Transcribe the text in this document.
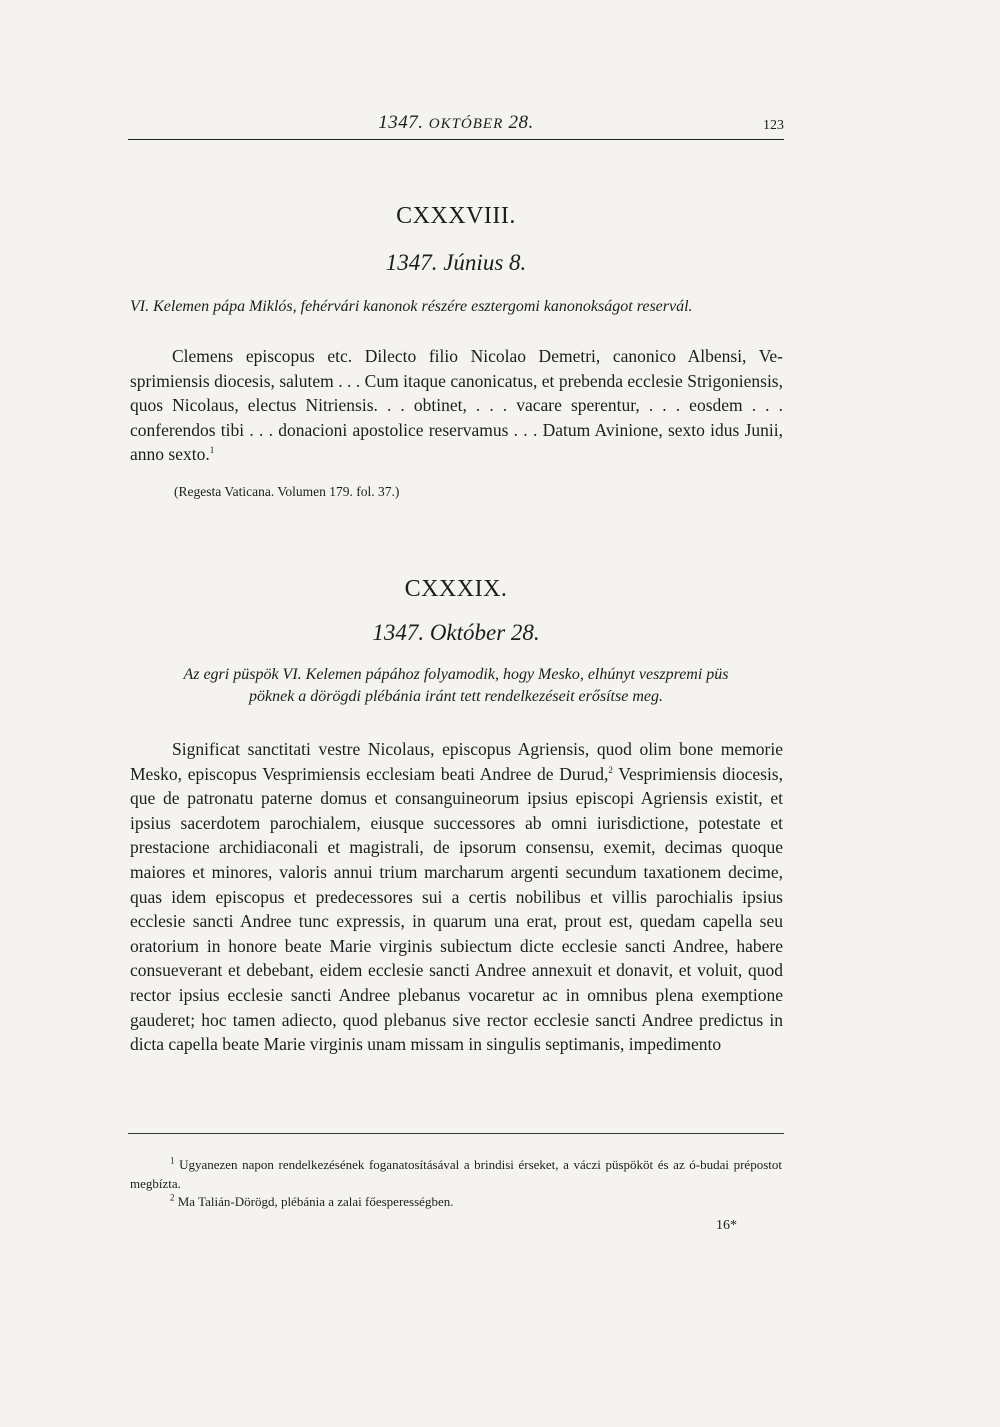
1347. OKTÓBER 28.	123
CXXXVIII.
1347. Június 8.
VI. Kelemen pápa Miklós, fehérvári kanonok részére esztergomi kanonokságot reservál.
Clemens episcopus etc. Dilecto filio Nicolao Demetri, canonico Albensi, Vesprimiensis diocesis, salutem . . . Cum itaque canonicatus, et prebenda ecclesie Strigoniensis, quos Nicolaus, electus Nitriensis. . . obtinet, . . . vacare sperentur, . . . eosdem . . . conferendos tibi . . . donacioni apostolice reservamus . . . Datum Avinione, sexto idus Junii, anno sexto.$^1$
(Regesta Vaticana. Volumen 179. fol. 37.)
CXXXIX.
1347. Október 28.
Az egri püspök VI. Kelemen pápához folyamodik, hogy Mesko, elhúnyt veszpremi püs
pöknek a dörögdi plébánia iránt tett rendelkezéseit erősítse meg.
Significat sanctitati vestre Nicolaus, episcopus Agriensis, quod olim bone memorie Mesko, episcopus Vesprimiensis ecclesiam beati Andree de Durud,$^2$ Vesprimiensis diocesis, que de patronatu paterne domus et consanguineorum ipsius episcopi Agriensis existit, et ipsius sacerdotem parochialem, eiusque successores ab omni iurisdictione, potestate et prestacione archidiaconali et magistrali, de ipsorum consensu, exemit, decimas quoque maiores et minores, valoris annui trium marcharum argenti secundum taxationem decime, quas idem episcopus et predecessores sui a certis nobilibus et villis parochialis ipsius ecclesie sancti Andree tunc expressis, in quarum una erat, prout est, quedam capella seu oratorium in honore beate Marie virginis subiectum dicte ecclesie sancti Andree, habere consueverant et debebant, eidem ecclesie sancti Andree annexuit et donavit, et voluit, quod rector ipsius ecclesie sancti Andree plebanus vocaretur ac in omnibus plena exemptione gauderet; hoc tamen adiecto, quod plebanus sive rector ecclesie sancti Andree predictus in dicta capella beate Marie virginis unam missam in singulis septimanis, impedimento

$^1$ Ugyanezen napon rendelkezésének foganatosításával a brindisi érseket, a váczi püspököt és az ó-budai prépostot megbízta.

$^2$ Ma Talián-Dörögd, plébánia a zalai főesperességben.

16*
